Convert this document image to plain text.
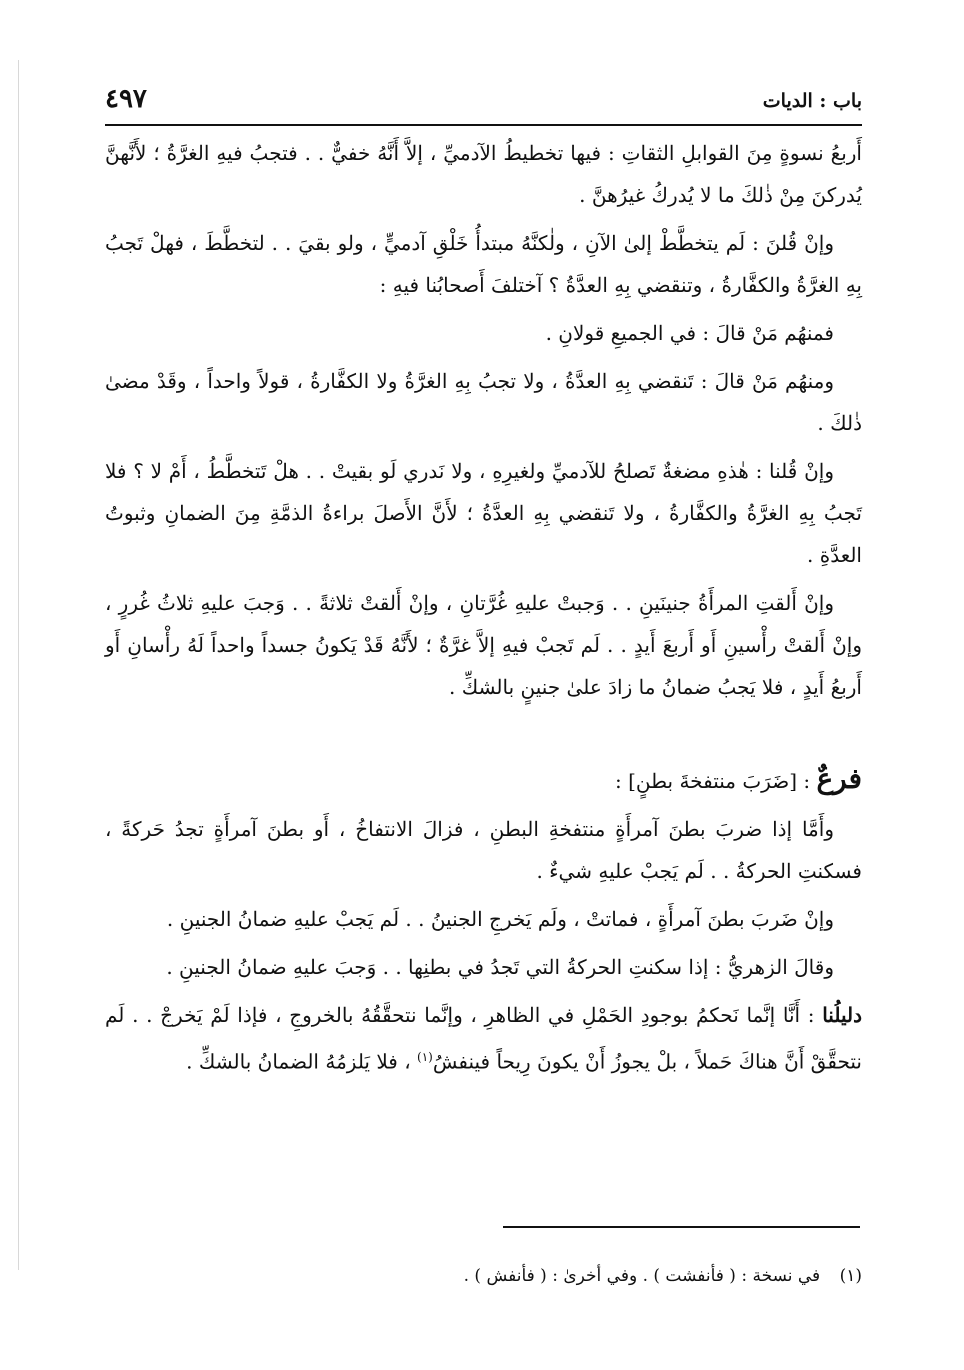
باب : الديات
٤٩٧

أَربعُ نسوةٍ مِنَ القوابلِ الثقاتِ : فيها تخطيطُ الآدميِّ ، إلاَّ أَنَّهُ خفيٌّ . . فتجبُ فيهِ الغرَّةُ ؛ لأَنَّهنَّ يُدركنَ مِنْ ذٰلكَ ما لا يُدركُ غيرُهنَّ .

وإنْ قُلنَ : لَم يتخطَّطْ إلىٰ الآنِ ، ولٰكنَّهُ مبتدأُ خَلْقِ آدميٍّ ، ولو بقيَ . . لتخطَّطَ ، فهلْ تَجبُ بِهِ الغرَّةُ والكفَّارةُ ، وتنقضي بِهِ العدَّةُ ؟ آختلفَ أَصحابُنا فيهِ :

فمنهُم مَنْ قالَ : في الجميعِ قولانِ .

ومنهُم مَنْ قالَ : تَنقضي بِهِ العدَّةُ ، ولا تجبُ بِهِ الغرَّةُ ولا الكفَّارةُ ، قولاً واحداً ، وقَدْ مضىٰ ذٰلكَ .

وإنْ قُلنا : هٰذهِ مضغةٌ تَصلحُ للآدميِّ ولغيرِهِ ، ولا نَدري لَو بقيتْ . . هلْ تَتخطَّطُ ، أَمْ لا ؟ فلا تَجبُ بِهِ الغرَّةُ والكفَّارةُ ، ولا تَنقضي بِهِ العدَّةُ ؛ لأَنَّ الأَصلَ براءةُ الذمَّةِ مِنَ الضمانِ وثبوتُ العدَّةِ .

وإنْ أَلقتِ المرأَةُ جنينَينِ . . وَجبتْ عليهِ غُرَّتانِ ، وإنْ أَلقتْ ثلاثةً . . وَجبَ عليهِ ثلاثُ غُررٍ ، وإنْ أَلقتْ رأْسينِ أَو أَربعَ أَيدٍ . . لَم تَجبْ فيهِ إلاَّ غرَّةٌ ؛ لأَنَّهُ قَدْ يَكونُ جسداً واحداً لَهُ رأْسانِ أَو أَربعُ أَيدٍ ، فلا يَجبُ ضمانُ ما زادَ علىٰ جنينٍ بالشكِّ .

فرعٌ : [ضَرَبَ منتفخةَ بطنٍ] :

وأَمَّا إذا ضربَ بطنَ آمرأَةٍ منتفخةِ البطنِ ، فزالَ الانتفاخُ ، أَو بطنَ آمرأَةٍ تجدُ حَركةً ، فسكنتِ الحركةُ . . لَم يَجبْ عليهِ شيءٌ .

وإنْ ضَربَ بطنَ آمرأَةٍ ، فماتتْ ، ولَم يَخرجِ الجنينُ . . لَم يَجبْ عليهِ ضمانُ الجنينِ .

وقالَ الزهريُّ : إذا سكنتِ الحركةُ التي تَجدُ في بطنِها . . وَجبَ عليهِ ضمانُ الجنينِ .

دليلُنا : أَنَّا إنَّما نَحكمُ بوجودِ الحَمْلِ في الظاهرِ ، وإنَّما نتحقَّقُهُ بالخروجِ ، فإذا لَمْ يَخرجْ . . لَم نتحقَّقْ أَنَّ هناكَ حَملاً ، بلْ يجوزُ أَنْ يكونَ رِيحاً فينفشُ$^{(١)}$ ، فلا يَلزمُهُ الضمانُ بالشكِّ .

(١) في نسخة : ( فأنفشت ) . وفي أخرىٰ : ( فأنفش ) .
